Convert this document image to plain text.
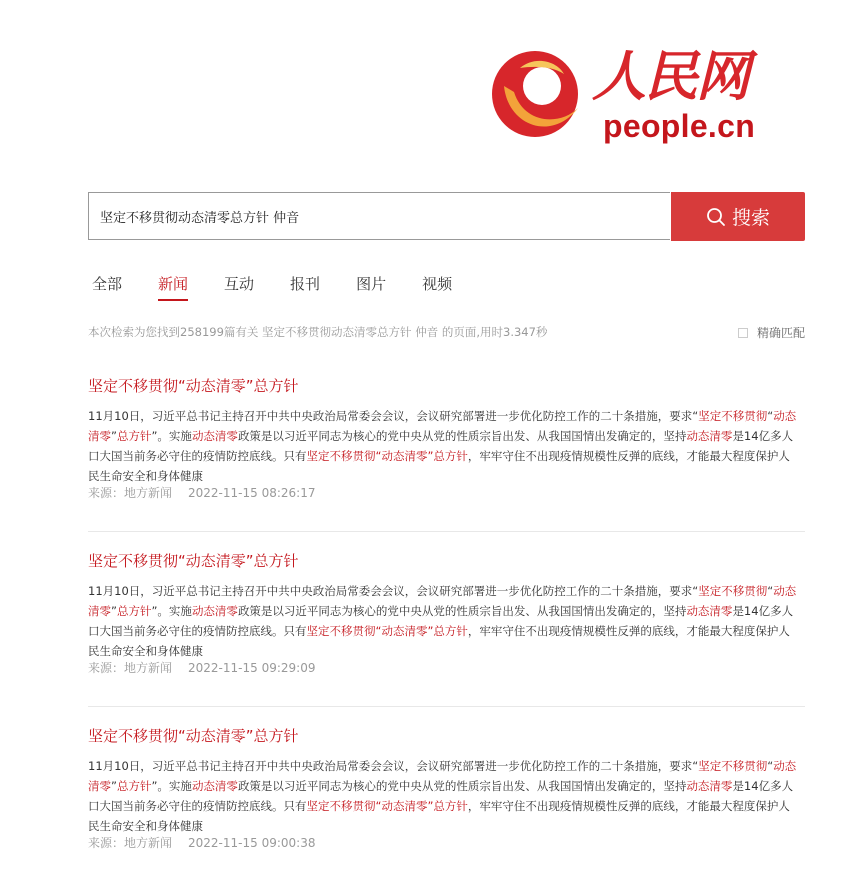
人民网
people.cn
坚定不移贯彻动态清零总方针 仲音
搜索
全部 新闻 互动 报刊 图片 视频
本次检索为您找到258199篇有关 坚定不移贯彻动态清零总方针 仲音 的页面,用时3.347秒	精确匹配

坚定不移贯彻“动态清零”总方针

11月10日，习近平总书记主持召开中共中央政治局常委会会议，会议研究部署进一步优化防控工作的二十条措施，要求“坚定不移贯彻“动态清零”总方针”。实施动态清零政策是以习近平同志为核心的党中央从党的性质宗旨出发、从我国国情出发确定的，坚持动态清零是14亿多人口大国当前务必守住的疫情防控底线。只有坚定不移贯彻“动态清零”总方针，牢牢守住不出现疫情规模性反弹的底线，才能最大程度保护人民生命安全和身体健康
来源：地方新闻 2022-11-15 08:26:17

坚定不移贯彻“动态清零”总方针

11月10日，习近平总书记主持召开中共中央政治局常委会会议，会议研究部署进一步优化防控工作的二十条措施，要求“坚定不移贯彻“动态清零”总方针”。实施动态清零政策是以习近平同志为核心的党中央从党的性质宗旨出发、从我国国情出发确定的，坚持动态清零是14亿多人口大国当前务必守住的疫情防控底线。只有坚定不移贯彻“动态清零”总方针，牢牢守住不出现疫情规模性反弹的底线，才能最大程度保护人民生命安全和身体健康
来源：地方新闻 2022-11-15 09:29:09

坚定不移贯彻“动态清零”总方针

11月10日，习近平总书记主持召开中共中央政治局常委会会议，会议研究部署进一步优化防控工作的二十条措施，要求“坚定不移贯彻“动态清零”总方针”。实施动态清零政策是以习近平同志为核心的党中央从党的性质宗旨出发、从我国国情出发确定的，坚持动态清零是14亿多人口大国当前务必守住的疫情防控底线。只有坚定不移贯彻“动态清零”总方针，牢牢守住不出现疫情规模性反弹的底线，才能最大程度保护人民生命安全和身体健康
来源：地方新闻 2022-11-15 09:00:38
